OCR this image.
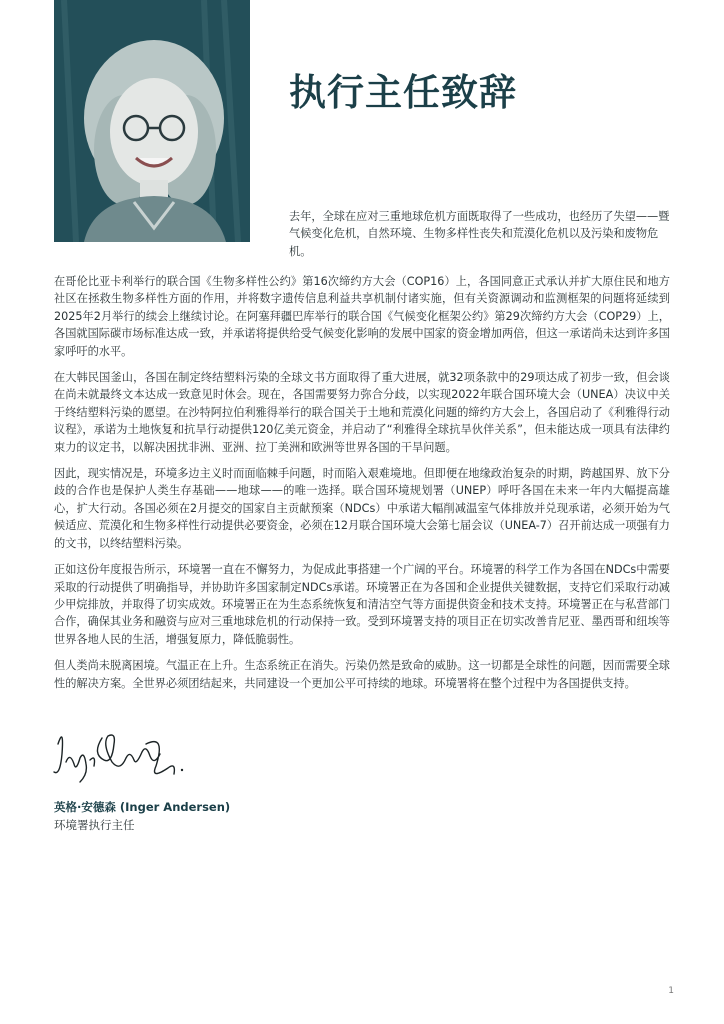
执行主任致辞
去年，全球在应对三重地球危机方面既取得了一些成功，也经历了失望——暨气候变化危机，自然环境、生物多样性丧失和荒漠化危机以及污染和废物危机。

在哥伦比亚卡利举行的联合国《生物多样性公约》第16次缔约方大会（COP16）上，各国同意正式承认并扩大原住民和地方社区在拯救生物多样性方面的作用，并将数字遗传信息利益共享机制付诸实施，但有关资源调动和监测框架的问题将延续到2025年2月举行的续会上继续讨论。在阿塞拜疆巴库举行的联合国《气候变化框架公约》第29次缔约方大会（COP29）上，各国就国际碳市场标准达成一致，并承诺将提供给受气候变化影响的发展中国家的资金增加两倍，但这一承诺尚未达到许多国家呼吁的水平。

在大韩民国釜山，各国在制定终结塑料污染的全球文书方面取得了重大进展，就32项条款中的29项达成了初步一致，但会谈在尚未就最终文本达成一致意见时休会。现在，各国需要努力弥合分歧，以实现2022年联合国环境大会（UNEA）决议中关于终结塑料污染的愿望。在沙特阿拉伯利雅得举行的联合国关于土地和荒漠化问题的缔约方大会上，各国启动了《利雅得行动议程》，承诺为土地恢复和抗旱行动提供120亿美元资金，并启动了“利雅得全球抗旱伙伴关系”，但未能达成一项具有法律约束力的议定书，以解决困扰非洲、亚洲、拉丁美洲和欧洲等世界各国的干旱问题。

因此，现实情况是，环境多边主义时而面临棘手问题，时而陷入艰难境地。但即便在地缘政治复杂的时期，跨越国界、放下分歧的合作也是保护人类生存基础——地球——的唯一选择。联合国环境规划署（UNEP）呼吁各国在未来一年内大幅提高雄心，扩大行动。各国必须在2月提交的国家自主贡献预案（NDCs）中承诺大幅削减温室气体排放并兑现承诺，必须开始为气候适应、荒漠化和生物多样性行动提供必要资金，必须在12月联合国环境大会第七届会议（UNEA-7）召开前达成一项强有力的文书，以终结塑料污染。

正如这份年度报告所示，环境署一直在不懈努力，为促成此事搭建一个广阔的平台。环境署的科学工作为各国在NDCs中需要采取的行动提供了明确指导，并协助许多国家制定NDCs承诺。环境署正在为各国和企业提供关键数据，支持它们采取行动减少甲烷排放，并取得了切实成效。环境署正在为生态系统恢复和清洁空气等方面提供资金和技术支持。环境署正在与私营部门合作，确保其业务和融资与应对三重地球危机的行动保持一致。受到环境署支持的项目正在切实改善肯尼亚、墨西哥和纽埃等世界各地人民的生活，增强复原力，降低脆弱性。

但人类尚未脱离困境。气温正在上升。生态系统正在消失。污染仍然是致命的威胁。这一切都是全球性的问题，因而需要全球性的解决方案。全世界必须团结起来，共同建设一个更加公平可持续的地球。环境署将在整个过程中为各国提供支持。

英格·安德森 (Inger Andersen)
环境署执行主任
1
